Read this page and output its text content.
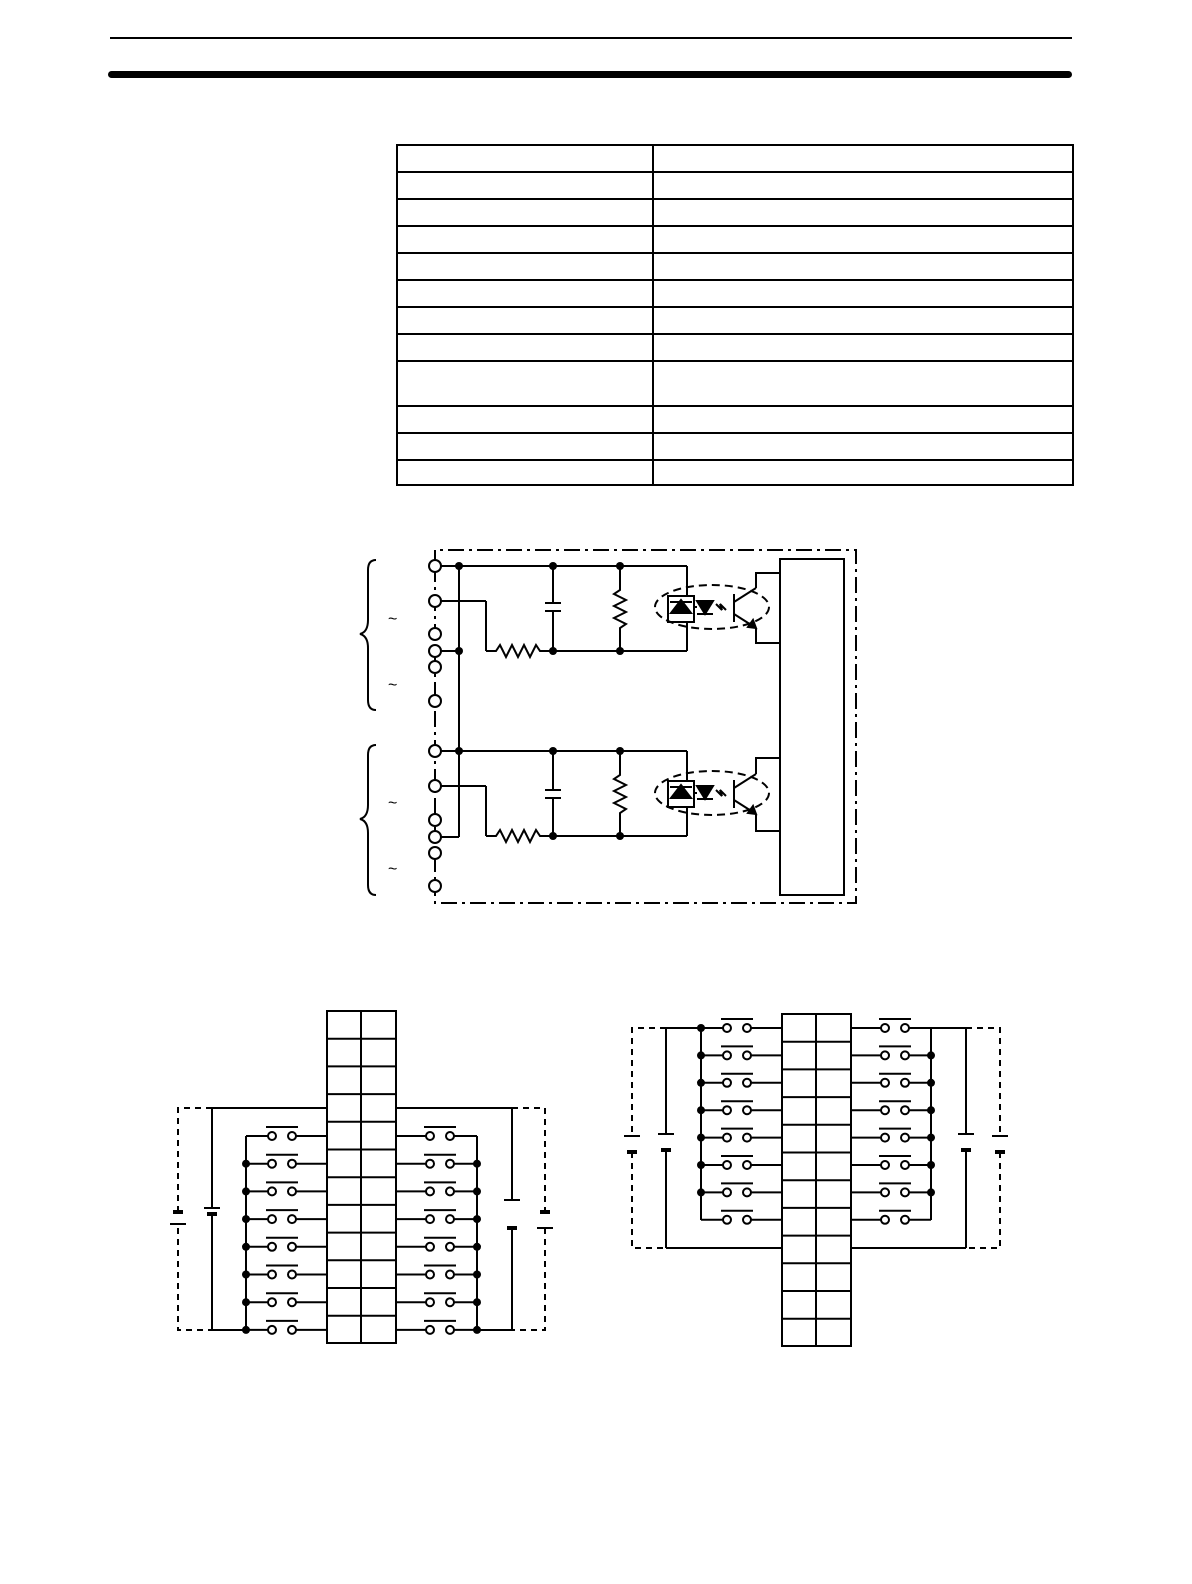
~
~
~
~
